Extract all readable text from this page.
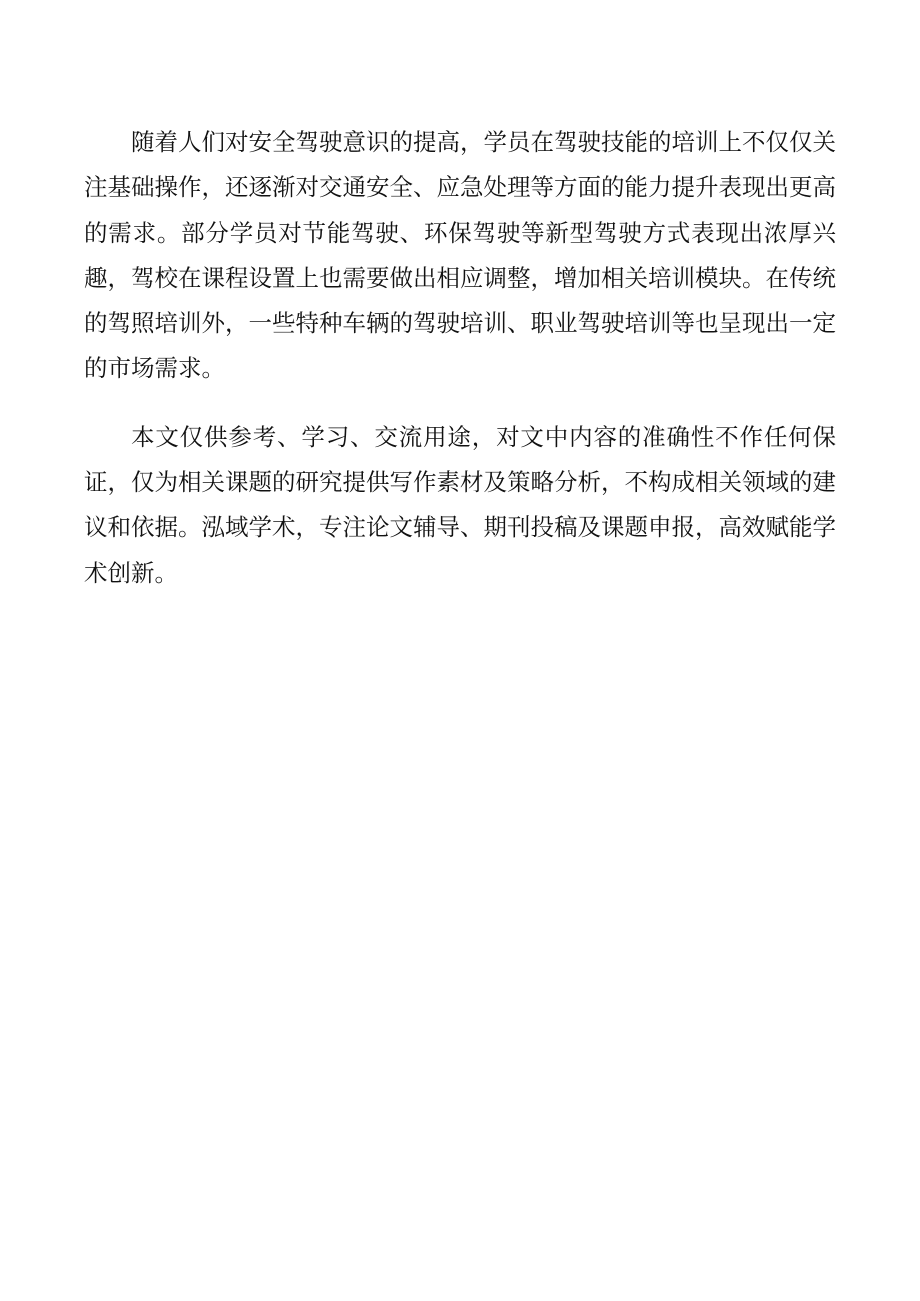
随着人们对安全驾驶意识的提高，学员在驾驶技能的培训上不仅仅关注基础操作，还逐渐对交通安全、应急处理等方面的能力提升表现出更高的需求。部分学员对节能驾驶、环保驾驶等新型驾驶方式表现出浓厚兴趣，驾校在课程设置上也需要做出相应调整，增加相关培训模块。在传统的驾照培训外，一些特种车辆的驾驶培训、职业驾驶培训等也呈现出一定的市场需求。

本文仅供参考、学习、交流用途，对文中内容的准确性不作任何保证，仅为相关课题的研究提供写作素材及策略分析，不构成相关领域的建议和依据。泓域学术，专注论文辅导、期刊投稿及课题申报，高效赋能学术创新。
